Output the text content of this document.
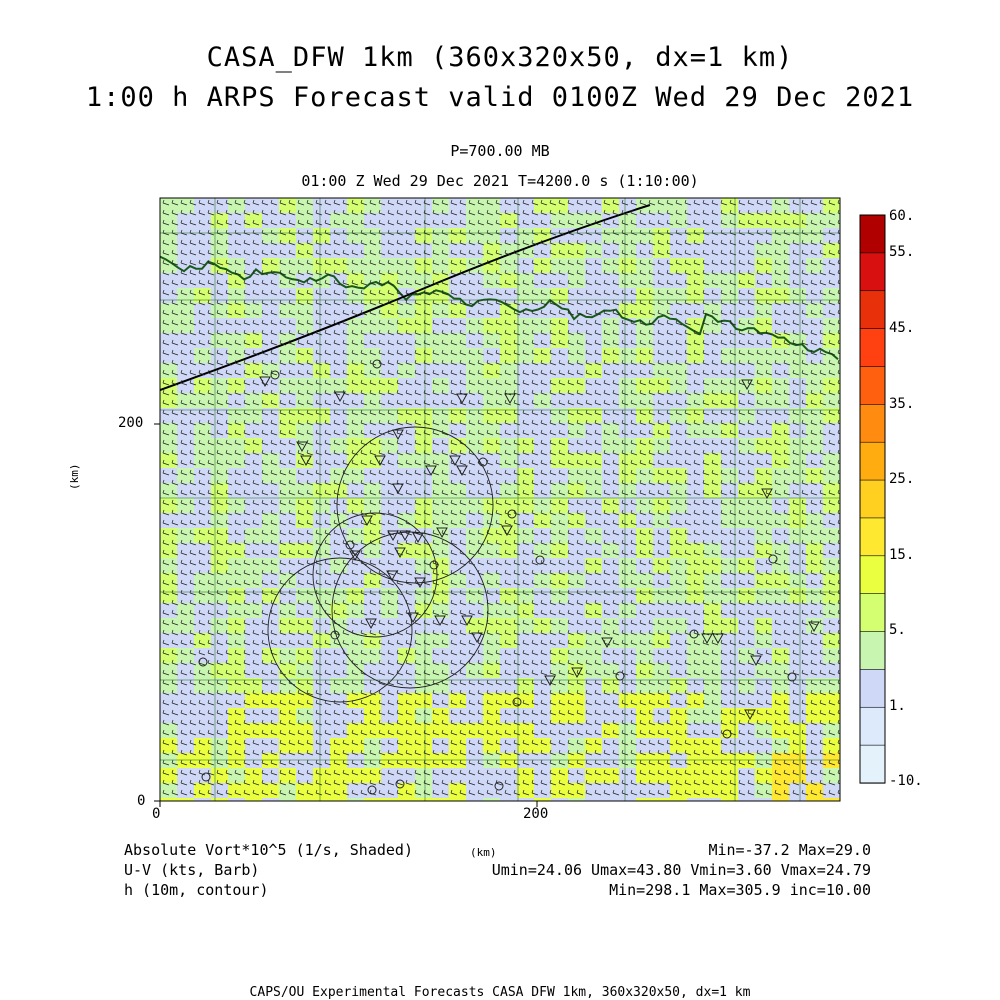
CASA_DFW 1km (360x320x50, dx=1 km)
1:00 h ARPS Forecast valid 0100Z Wed 29 Dec 2021
P=700.00 MB
01:00 Z Wed 29 Dec 2021 T=4200.0 s (1:10:00)
0	200
0
200
(km)
60.
55.
45.
35.
25.
15.
5.
1.
-10.
Absolute Vort*10^5 (1/s, Shaded)
U-V (kts, Barb)
h (10m, contour)
(km)	Min=-37.2 Max=29.0
Umin=24.06 Umax=43.80 Vmin=3.60 Vmax=24.79
Min=298.1 Max=305.9 inc=10.00
CAPS/OU Experimental Forecasts CASA DFW 1km, 360x320x50, dx=1 km
